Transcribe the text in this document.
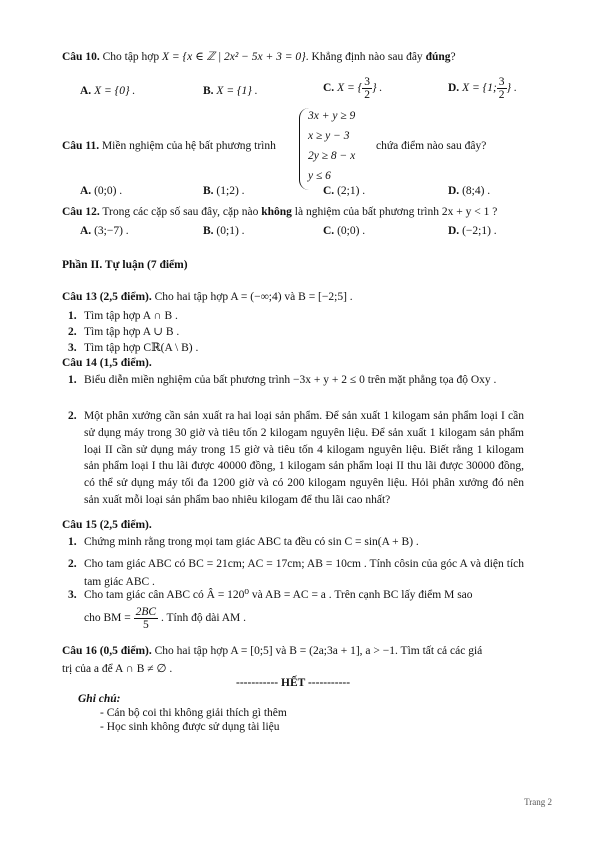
Câu 10. Cho tập hợp X = {x ∈ ℤ | 2x² − 5x + 3 = 0}. Khẳng định nào sau đây đúng?
A. X = {0} .	B. X = {1} .	C. X = { $\frac{3}{2}$ } .	D. X = {1; $\frac{3}{2}$ } .
Câu 11. Miền nghiệm của hệ bất phương trình
3x + y ≥ 9
x ≥ y − 3
2y ≥ 8 − x
y ≤ 6
chứa điểm nào sau đây?
A. (0;0) .	B. (1;2) .	C. (2;1) .	D. (8;4) .
Câu 12. Trong các cặp số sau đây, cặp nào không là nghiệm của bất phương trình 2x + y < 1 ?
A. (3;−7) .	B. (0;1) .	C. (0;0) .	D. (−2;1) .
Phần II. Tự luận (7 điểm)
Câu 13 (2,5 điểm). Cho hai tập hợp A = (−∞;4) và B = [−2;5] .
1. Tìm tập hợp A ∩ B .
2. Tìm tập hợp A ∪ B .
3. Tìm tập hợp Cℝ(A \ B) .
Câu 14 (1,5 điểm).
1. Biểu diễn miền nghiệm của bất phương trình −3x + y + 2 ≤ 0 trên mặt phẳng tọa độ Oxy .
2. Một phân xưởng cần sản xuất ra hai loại sản phẩm. Để sản xuất 1 kilogam sản phẩm loại I cần sử dụng máy trong 30 giờ và tiêu tốn 2 kilogam nguyên liệu. Để sản xuất 1 kilogam sản phẩm loại II cần sử dụng máy trong 15 giờ và tiêu tốn 4 kilogam nguyên liệu. Biết rằng 1 kilogam sản phẩm loại I thu lãi được 40000 đồng, 1 kilogam sản phẩm loại II thu lãi được 30000 đồng, có thể sử dụng máy tối đa 1200 giờ và có 200 kilogam nguyên liệu. Hỏi phân xưởng đó nên sản xuất mỗi loại sản phẩm bao nhiêu kilogam để thu lãi cao nhất?
Câu 15 (2,5 điểm).
1. Chứng minh rằng trong mọi tam giác ABC ta đều có sin C = sin(A + B) .
2. Cho tam giác ABC có BC = 21cm; AC = 17cm; AB = 10cm . Tính côsin của góc A và diện tích tam giác ABC .
3. Cho tam giác cân ABC có Â = 120⁰ và AB = AC = a . Trên cạnh BC lấy điểm M sao
cho BM = $\frac{2BC}{5}$ . Tính độ dài AM .
Câu 16 (0,5 điểm). Cho hai tập hợp A = [0;5] và B = (2a;3a + 1], a > −1. Tìm tất cả các giá
trị của a để A ∩ B ≠ ∅ .
----------- HẾT -----------
Ghi chú:
- Cán bộ coi thi không giải thích gì thêm
- Học sinh không được sử dụng tài liệu
Trang 2
